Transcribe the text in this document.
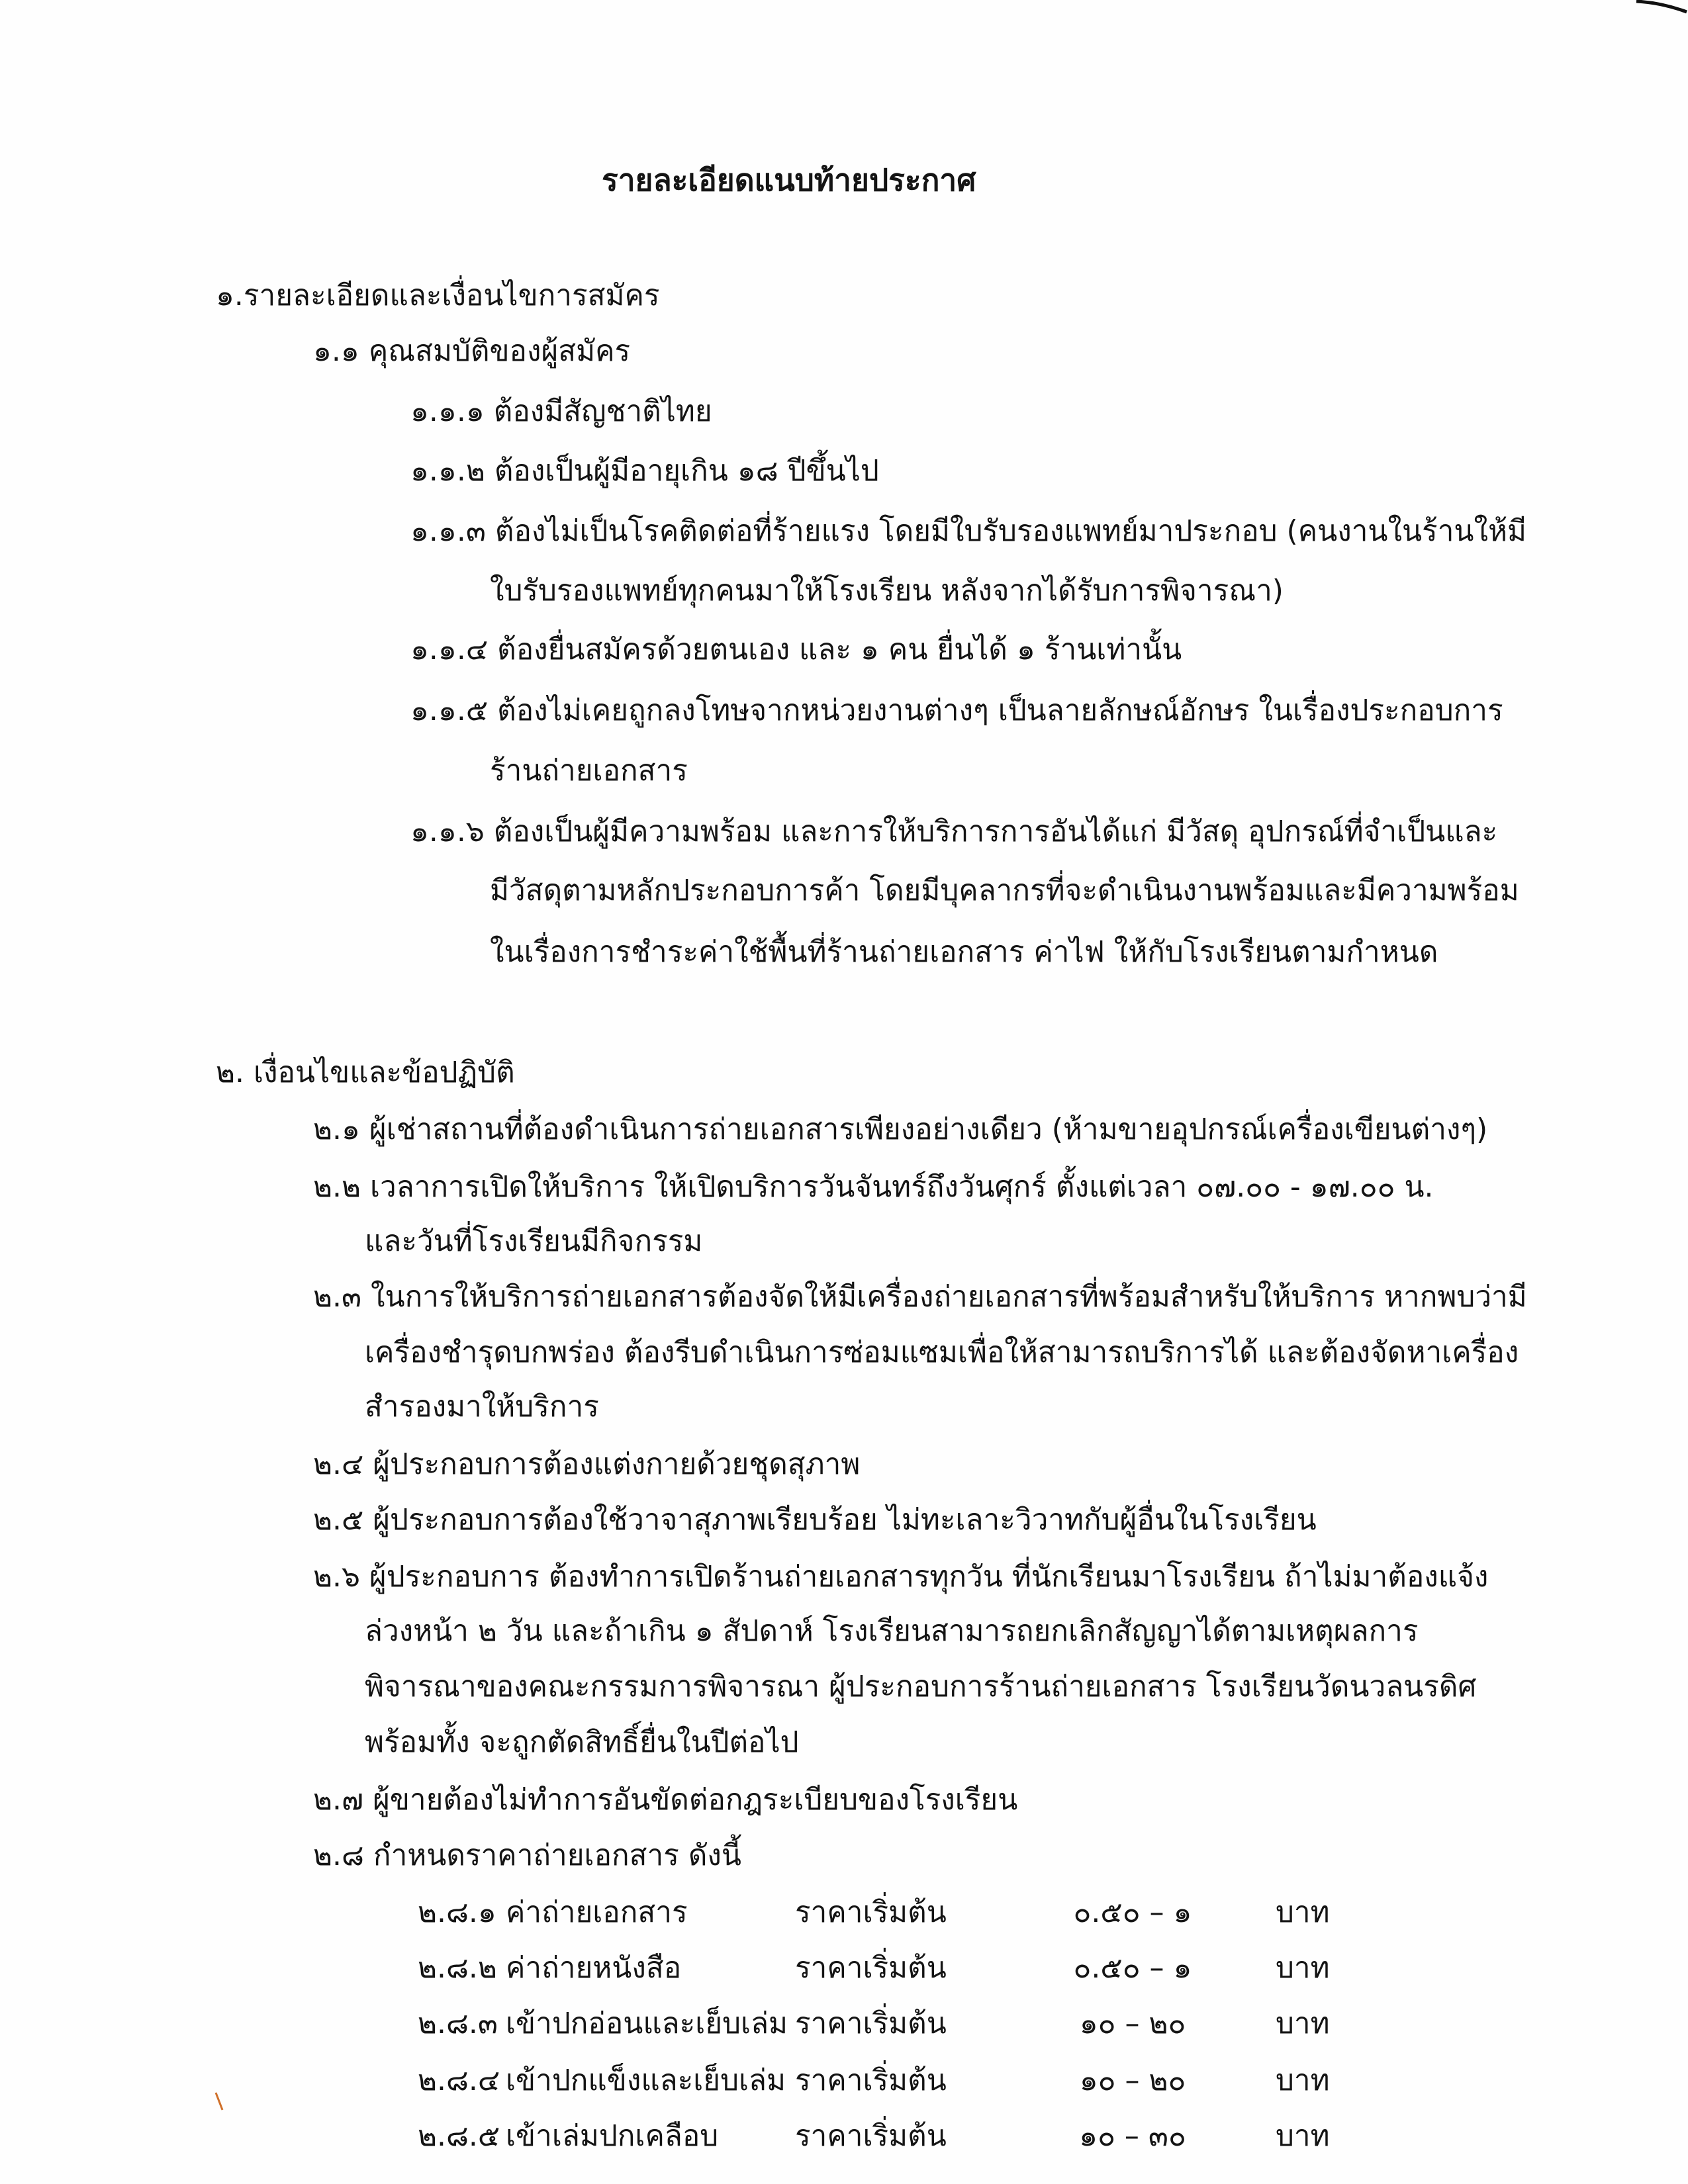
รายละเอียดแนบท้ายประกาศ
๑.รายละเอียดและเงื่อนไขการสมัคร
๑.๑ คุณสมบัติของผู้สมัคร
๑.๑.๑ ต้องมีสัญชาติไทย
๑.๑.๒ ต้องเป็นผู้มีอายุเกิน ๑๘ ปีขึ้นไป
๑.๑.๓ ต้องไม่เป็นโรคติดต่อที่ร้ายแรง โดยมีใบรับรองแพทย์มาประกอบ (คนงานในร้านให้มี
ใบรับรองแพทย์ทุกคนมาให้โรงเรียน หลังจากได้รับการพิจารณา)
๑.๑.๔ ต้องยื่นสมัครด้วยตนเอง และ ๑ คน ยื่นได้ ๑ ร้านเท่านั้น
๑.๑.๕ ต้องไม่เคยถูกลงโทษจากหน่วยงานต่างๆ เป็นลายลักษณ์อักษร ในเรื่องประกอบการ
ร้านถ่ายเอกสาร
๑.๑.๖ ต้องเป็นผู้มีความพร้อม และการให้บริการการอันได้แก่ มีวัสดุ อุปกรณ์ที่จำเป็นและ
มีวัสดุตามหลักประกอบการค้า โดยมีบุคลากรที่จะดำเนินงานพร้อมและมีความพร้อม
ในเรื่องการชำระค่าใช้พื้นที่ร้านถ่ายเอกสาร ค่าไฟ ให้กับโรงเรียนตามกำหนด
๒. เงื่อนไขและข้อปฏิบัติ
๒.๑ ผู้เช่าสถานที่ต้องดำเนินการถ่ายเอกสารเพียงอย่างเดียว (ห้ามขายอุปกรณ์เครื่องเขียนต่างๆ)
๒.๒ เวลาการเปิดให้บริการ ให้เปิดบริการวันจันทร์ถึงวันศุกร์ ตั้งแต่เวลา ๐๗.๐๐ - ๑๗.๐๐ น.
และวันที่โรงเรียนมีกิจกรรม
๒.๓ ในการให้บริการถ่ายเอกสารต้องจัดให้มีเครื่องถ่ายเอกสารที่พร้อมสำหรับให้บริการ หากพบว่ามี
เครื่องชำรุดบกพร่อง ต้องรีบดำเนินการซ่อมแซมเพื่อให้สามารถบริการได้ และต้องจัดหาเครื่อง
สำรองมาให้บริการ
๒.๔ ผู้ประกอบการต้องแต่งกายด้วยชุดสุภาพ
๒.๕ ผู้ประกอบการต้องใช้วาจาสุภาพเรียบร้อย ไม่ทะเลาะวิวาทกับผู้อื่นในโรงเรียน
๒.๖ ผู้ประกอบการ ต้องทำการเปิดร้านถ่ายเอกสารทุกวัน ที่นักเรียนมาโรงเรียน ถ้าไม่มาต้องแจ้ง
ล่วงหน้า ๒ วัน และถ้าเกิน ๑ สัปดาห์ โรงเรียนสามารถยกเลิกสัญญาได้ตามเหตุผลการ
พิจารณาของคณะกรรมการพิจารณา ผู้ประกอบการร้านถ่ายเอกสาร โรงเรียนวัดนวลนรดิศ
พร้อมทั้ง จะถูกตัดสิทธิ์ยื่นในปีต่อไป
๒.๗ ผู้ขายต้องไม่ทำการอันขัดต่อกฎระเบียบของโรงเรียน
๒.๘ กำหนดราคาถ่ายเอกสาร ดังนี้
๒.๘.๑ ค่าถ่ายเอกสาร	ราคาเริ่มต้น	๐.๕๐ – ๑	บาท
๒.๘.๒ ค่าถ่ายหนังสือ	ราคาเริ่มต้น	๐.๕๐ – ๑	บาท
๒.๘.๓ เข้าปกอ่อนและเย็บเล่ม ราคาเริ่มต้น	๑๐ – ๒๐	บาท
๒.๘.๔ เข้าปกแข็งและเย็บเล่ม ราคาเริ่มต้น	๑๐ – ๒๐	บาท
๒.๘.๕ เข้าเล่มปกเคลือบ	ราคาเริ่มต้น	๑๐ – ๓๐	บาท
